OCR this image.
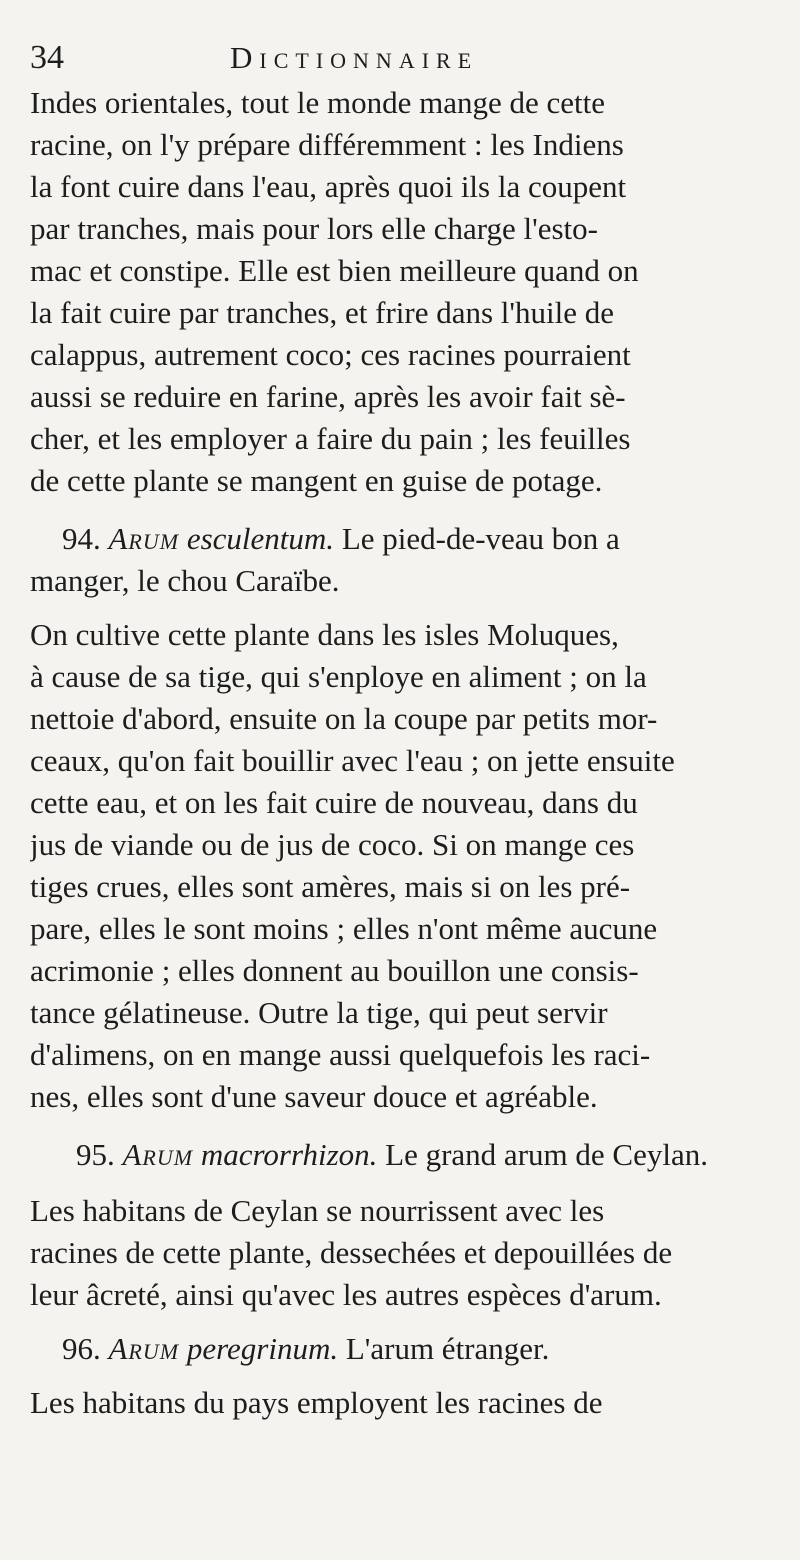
34	Dictionnaire
Indes orientales, tout le monde mange de cette
racine, on l'y prépare différemment : les Indiens
la font cuire dans l'eau, après quoi ils la coupent
par tranches, mais pour lors elle charge l'esto-
mac et constipe. Elle est bien meilleure quand on
la fait cuire par tranches, et frire dans l'huile de
calappus, autrement coco; ces racines pourraient
aussi se reduire en farine, après les avoir fait sè-
cher, et les employer a faire du pain ; les feuilles
de cette plante se mangent en guise de potage.
94. Arum esculentum. Le pied-de-veau bon a
manger, le chou Caraïbe.
On cultive cette plante dans les isles Moluques,
à cause de sa tige, qui s'enploye en aliment ; on la
nettoie d'abord, ensuite on la coupe par petits mor-
ceaux, qu'on fait bouillir avec l'eau ; on jette ensuite
cette eau, et on les fait cuire de nouveau, dans du
jus de viande ou de jus de coco. Si on mange ces
tiges crues, elles sont amères, mais si on les pré-
pare, elles le sont moins ; elles n'ont même aucune
acrimonie ; elles donnent au bouillon une consis-
tance gélatineuse. Outre la tige, qui peut servir
d'alimens, on en mange aussi quelquefois les raci-
nes, elles sont d'une saveur douce et agréable.
95. Arum macrorrhizon. Le grand arum de Ceylan.
Les habitans de Ceylan se nourrissent avec les
racines de cette plante, dessechées et depouillées de
leur âcreté, ainsi qu'avec les autres espèces d'arum.
96. Arum peregrinum. L'arum étranger.
Les habitans du pays employent les racines de
